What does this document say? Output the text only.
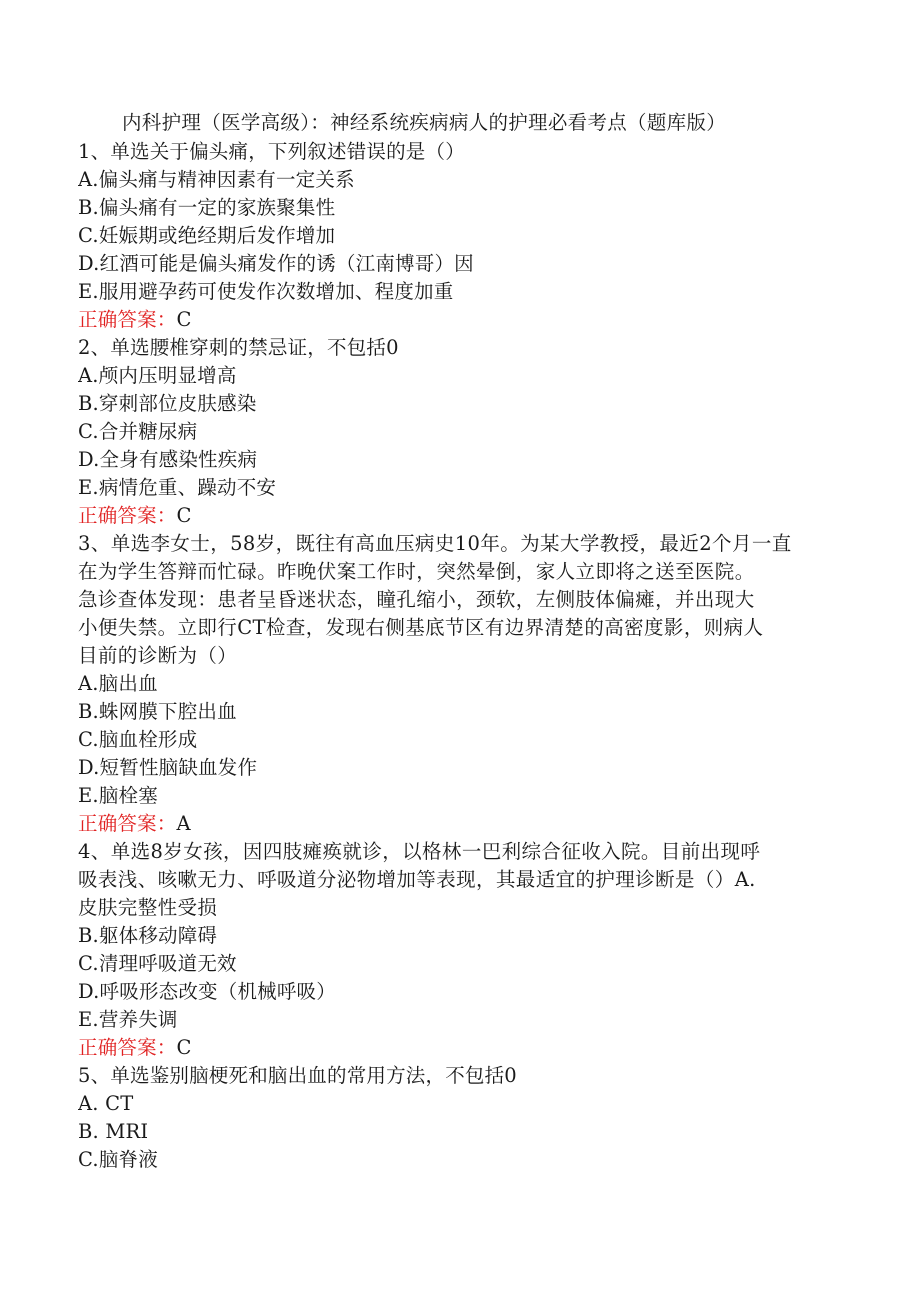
内科护理（医学高级）：神经系统疾病病人的护理必看考点（题库版）
1、单选关于偏头痛，下列叙述错误的是（）
A.偏头痛与精神因素有一定关系
B.偏头痛有一定的家族聚集性
C.妊娠期或绝经期后发作增加
D.红酒可能是偏头痛发作的诱（江南博哥）因
E.服用避孕药可使发作次数增加、程度加重
正确答案：C
2、单选腰椎穿刺的禁忌证，不包括0
A.颅内压明显增高
B.穿刺部位皮肤感染
C.合并糖尿病
D.全身有感染性疾病
E.病情危重、躁动不安
正确答案：C
3、单选李女士，58岁，既往有高血压病史10年。为某大学教授，最近2个月一直
在为学生答辩而忙碌。昨晚伏案工作时，突然晕倒，家人立即将之送至医院。
急诊查体发现：患者呈昏迷状态，瞳孔缩小，颈软，左侧肢体偏瘫，并出现大
小便失禁。立即行CT检查，发现右侧基底节区有边界清楚的高密度影，则病人
目前的诊断为（）
A.脑出血
B.蛛网膜下腔出血
C.脑血栓形成
D.短暂性脑缺血发作
E.脑栓塞
正确答案：A
4、单选8岁女孩，因四肢瘫痪就诊，以格林一巴利综合征收入院。目前出现呼
吸表浅、咳嗽无力、呼吸道分泌物增加等表现，其最适宜的护理诊断是（）A.
皮肤完整性受损
B.躯体移动障碍
C.清理呼吸道无效
D.呼吸形态改变（机械呼吸）
E.营养失调
正确答案：C
5、单选鉴别脑梗死和脑出血的常用方法，不包括0
A. CT
B. MRI
C.脑脊液
